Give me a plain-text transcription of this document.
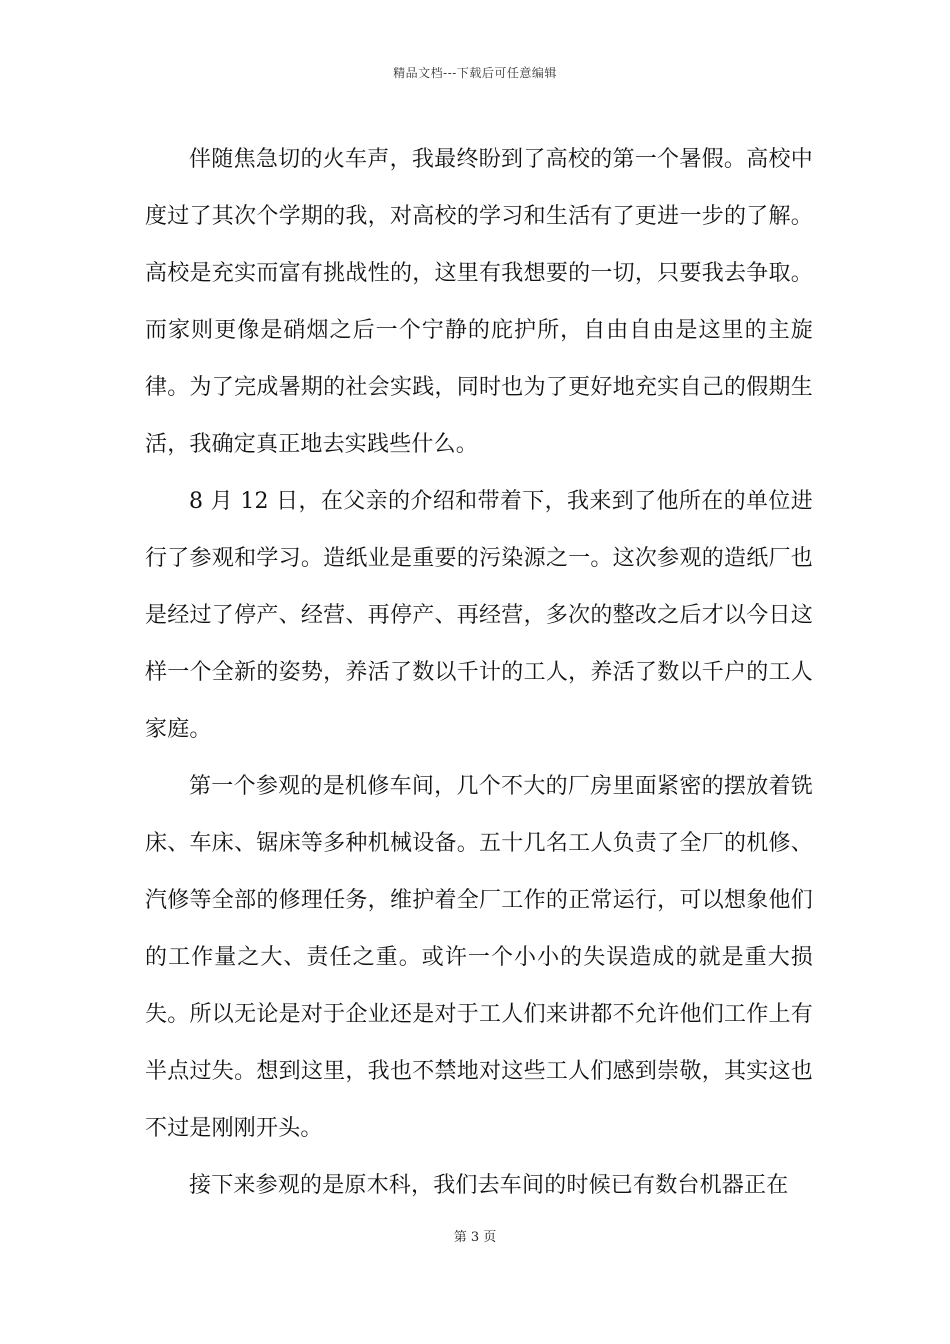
精品文档---下载后可任意编辑

伴随焦急切的火车声，我最终盼到了高校的第一个暑假。高校中度过了其次个学期的我，对高校的学习和生活有了更进一步的了解。高校是充实而富有挑战性的，这里有我想要的一切，只要我去争取。而家则更像是硝烟之后一个宁静的庇护所，自由自由是这里的主旋律。为了完成暑期的社会实践，同时也为了更好地充实自己的假期生活，我确定真正地去实践些什么。

8 月 12 日，在父亲的介绍和带着下，我来到了他所在的单位进行了参观和学习。造纸业是重要的污染源之一。这次参观的造纸厂也是经过了停产、经营、再停产、再经营，多次的整改之后才以今日这样一个全新的姿势，养活了数以千计的工人，养活了数以千户的工人家庭。

第一个参观的是机修车间，几个不大的厂房里面紧密的摆放着铣床、车床、锯床等多种机械设备。五十几名工人负责了全厂的机修、汽修等全部的修理任务，维护着全厂工作的正常运行，可以想象他们的工作量之大、责任之重。或许一个小小的失误造成的就是重大损失。所以无论是对于企业还是对于工人们来讲都不允许他们工作上有半点过失。想到这里，我也不禁地对这些工人们感到崇敬，其实这也不过是刚刚开头。

接下来参观的是原木科，我们去车间的时候已有数台机器正在

第 3 页
